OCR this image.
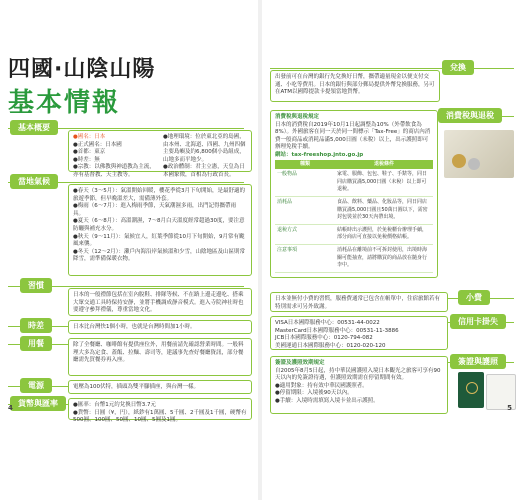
四國·山陰山陽
基本情報
基本概要

●國名：日本

●正式國名：日本國

●首都：東京

●時差：無

●宗教：以佛教與神道教為主流，亦有基督教、天主教等。

●地理環境：位於東北亞的島國，由本州、北海道、四國、九州四個主要島嶼及約6,800個小島組成，山地多而平地少。

●政治體制：君主立憲，天皇為日本國象徵，首相為行政首長。

當地氣候

●春天（3～5月）：氣溫開始回暖，櫻花季從3月下旬開始，是最舒適的旅遊季節，但早晚溫差大，需備薄外套。

●梅雨（6～7月）：進入梅雨季節，天氣潮濕多雨，出門記得攜帶雨具。

●夏天（6～8月）：高溫潮濕，7～8月白天溫度經常超過30度，要注意防曬與補充水分。

●秋天（9～11月）：氣候宜人，紅葉季節從10月下旬開始，9月常有颱風來襲。

●冬天（12～2月）：瀨戶內海沿岸氣候溫和少雪，山陰地區及山區則常降雪，需準備保暖衣物。

習慣

日本的一般禮節包括在室內脫鞋、排隊等候、不在路上邊走邊吃、搭乘大眾交通工具時保持安靜，並將手機調成靜音模式。進入寺院神社時也要遵守參拜禮儀，尊重當地文化。

時差	日本比台灣快1個小時，也就是台灣時間加1小時。

用餐	除了全餐廳、咖啡館有提供座位外，用餐前請先確認營業時間。一般料理大多為定食、蓋飯、拉麵、壽司等，建議事先查好餐廳資訊，部分餐廳需先買餐券再入座。

電源	電壓為100伏特，插頭為雙平腳插座，與台灣一樣。

貨幣與匯率	●匯率：台幣1元約兌換日幣3.7元

●貨幣：日圓（¥，円），紙鈔有1萬圓、5千圓、2千圓及1千圓，硬幣有500圓、100圓、50圓、10圓、5圓及1圓。

4
兌換

出發前可在台灣的銀行先兌換好日幣，攜帶適量現金以便支付交通、小吃等費用。日本的銀行與部分郵局提供外幣兌換服務，另可在ATM以國際提款卡提領當地貨幣。

消費稅與退稅

消費稅與退稅規定

日本的消費稅自2019年10月1日起調整為10%（外帶飲食為8%）。外國旅客在同一天於同一間標示「Tax-Free」的商店內消費一般商品或消耗品滿5,000日圓（未稅）以上，出示護照即可辦理免稅手續。

網站：tax-freeshop.jnto.go.jp

種類	退稅條件
一般物品	家電、服飾、包包、鞋子、手錶等，同日同店購買滿5,000日圓（未稅）以上即可退稅。
消耗品	食品、飲料、藥品、化妝品等，同日同店購買滿5,000日圓且50萬日圓以下，需密封包裝並於30天內帶出境。
退稅方式	結帳時出示護照，於免稅櫃台辦理手續，部分商店可直接以免稅價格結帳。
注意事項	消耗品在離境前不可拆封使用，出境時海關可能抽查，請將購買的商品放在隨身行李中。
小費

日本並無付小費的習慣，服務費通常已包含在帳單中，住宿旅館若有特別需求可另外致謝。

信用卡掛失

VISA日本國際服務中心：00531-44-0022

MasterCard日本國際服務中心：00531-11-3886

JCB日本國際服務中心：0120-794-082

美國運通日本國際服務中心：0120-020-120

簽證與護照

簽證及護照效期規定

自2005年8月5日起，持中華民國護照入境日本觀光之旅客可享有90天以內的免簽證待遇，但護照效期需在停留期間有效。

●適用對象：持有效中華民國護照者。

●停留期限：入境後90天以內。

●手續：入境時需填寫入境卡並出示護照。

5
